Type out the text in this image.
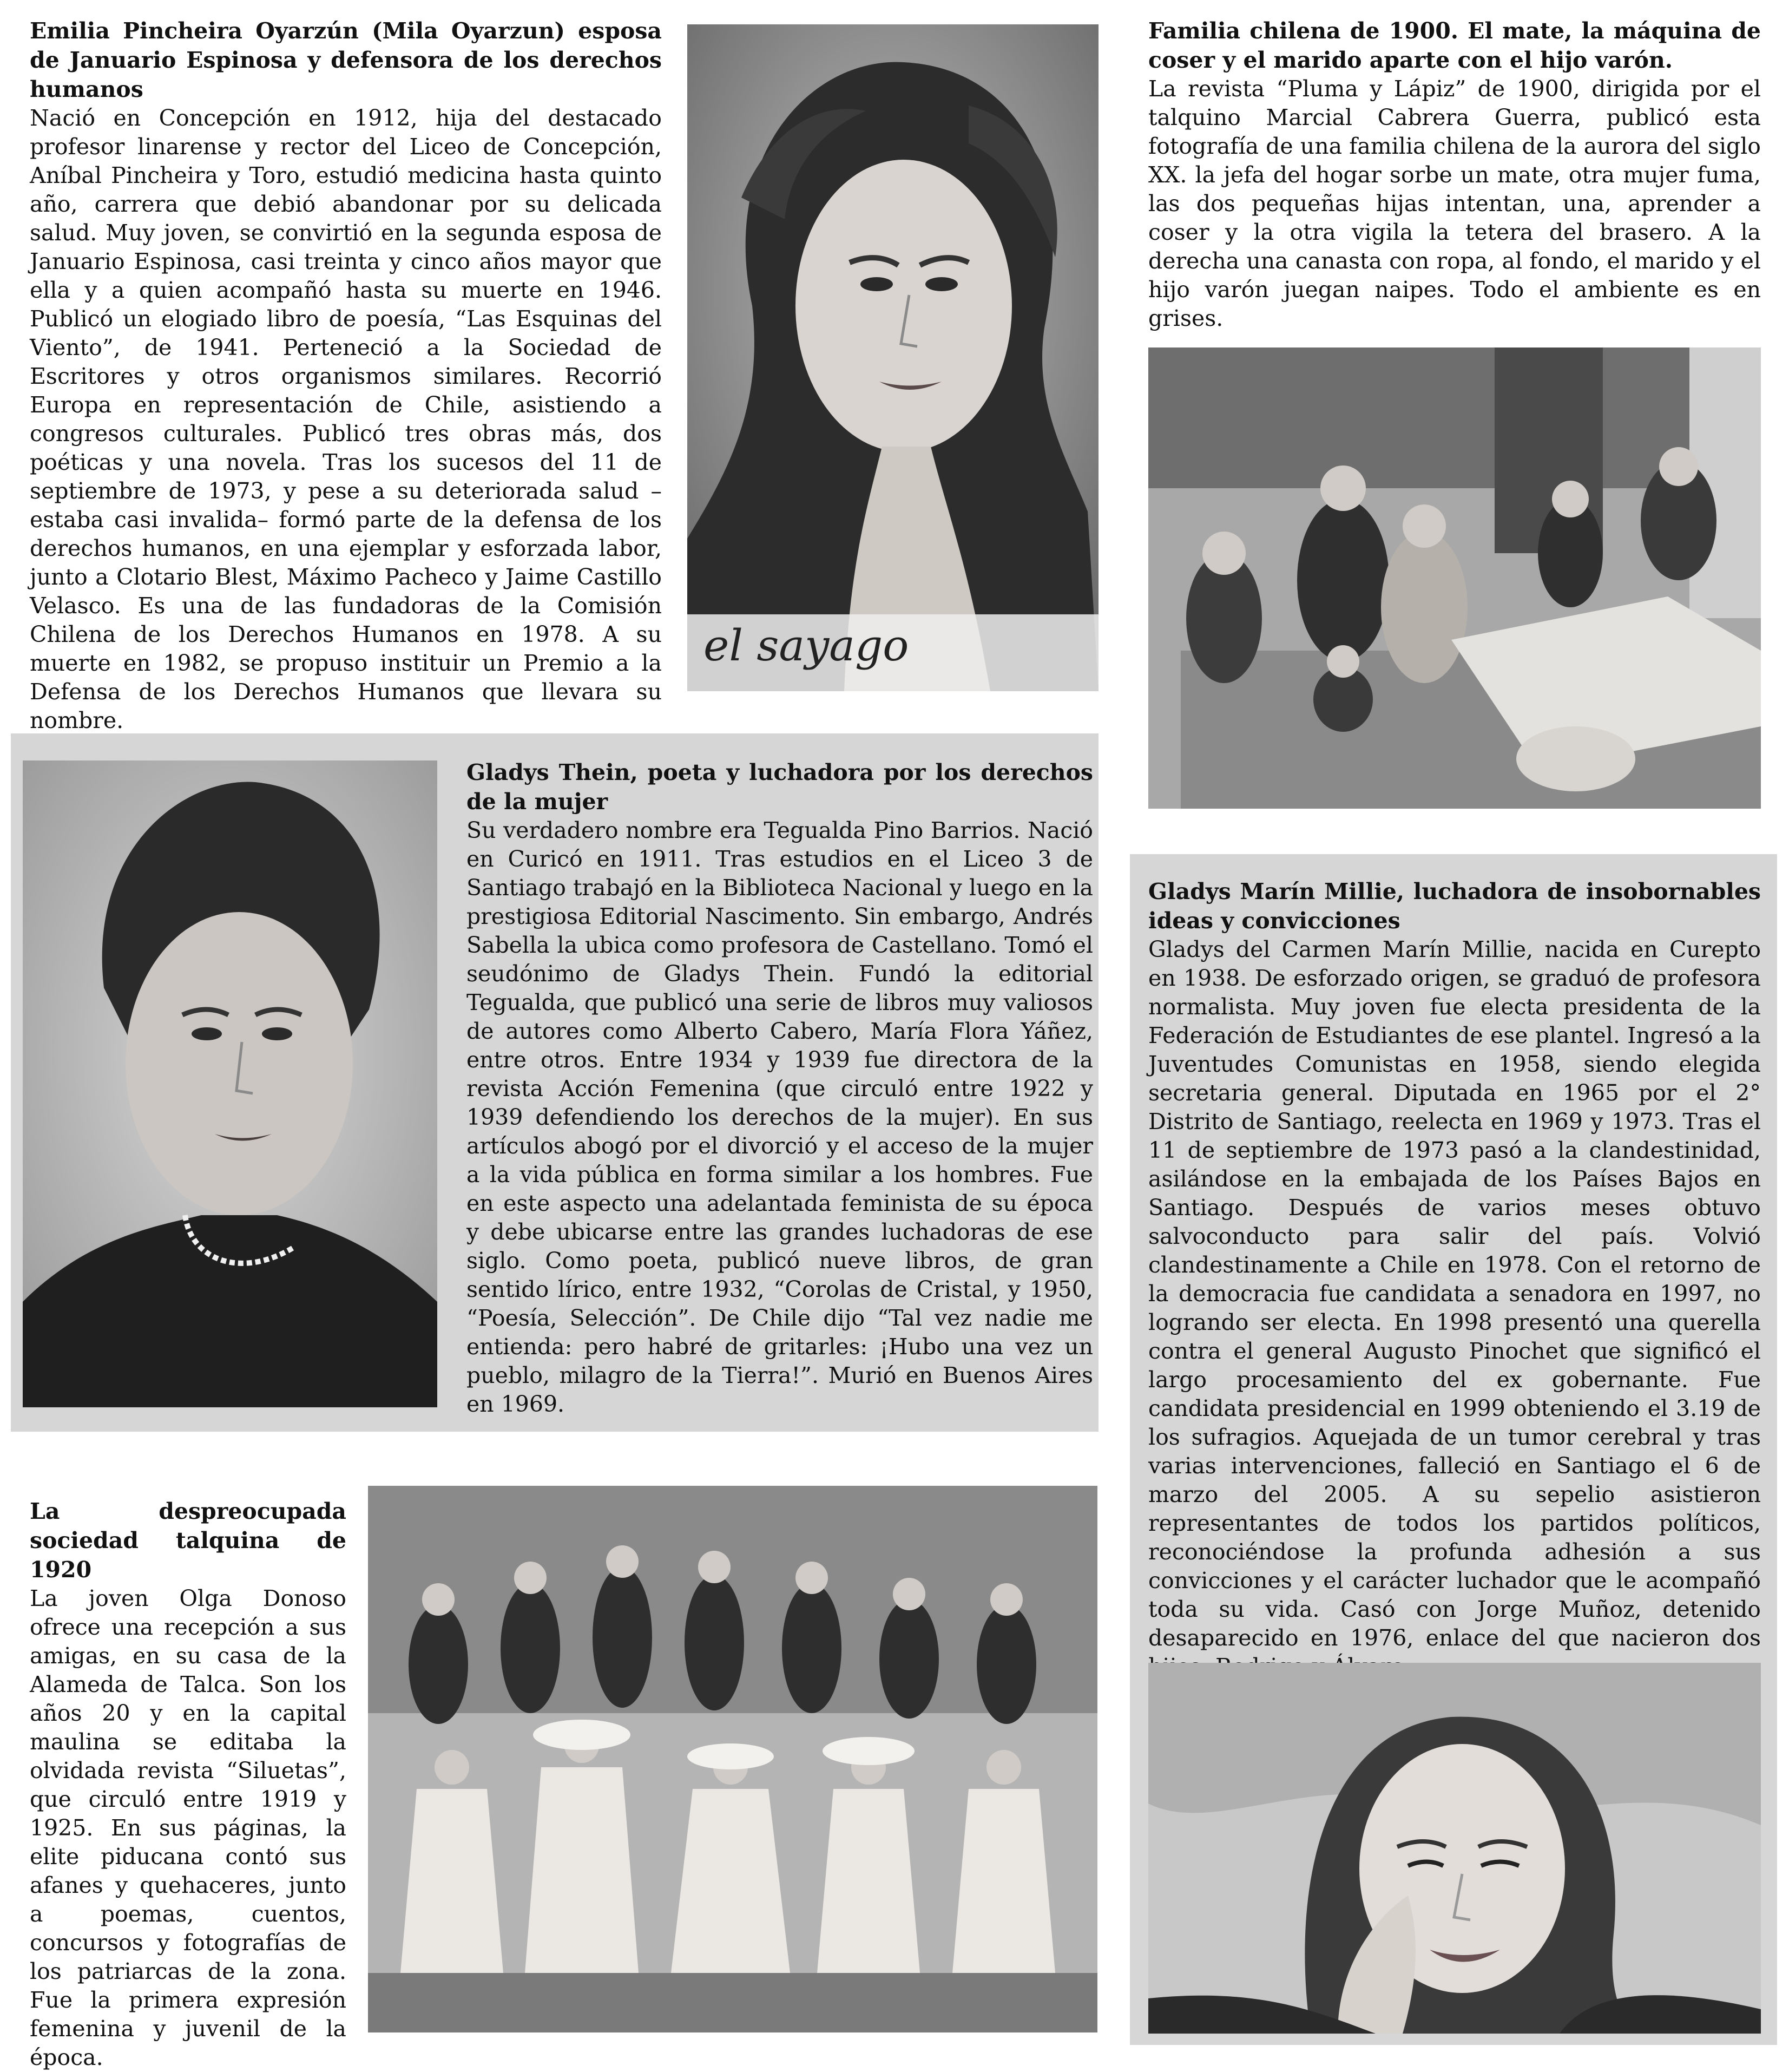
Emilia Pincheira Oyarzún (Mila Oyarzun) esposa de Januario Espinosa y defensora de los derechos humanos

Nació en Concepción en 1912, hija del destacado profesor linarense y rector del Liceo de Concepción, Aníbal Pincheira y Toro, estudió medicina hasta quinto año, carrera que debió abandonar por su delicada salud. Muy joven, se convirtió en la segunda esposa de Januario Espinosa, casi treinta y cinco años mayor que ella y a quien acompañó hasta su muerte en 1946. Publicó un elogiado libro de poesía, “Las Esquinas del Viento”, de 1941. Perteneció a la Sociedad de Escritores y otros organismos similares. Recorrió Europa en representación de Chile, asistiendo a congresos culturales. Publicó tres obras más, dos poéticas y una novela. Tras los sucesos del 11 de septiembre de 1973, y pese a su deteriorada salud –estaba casi invalida– formó parte de la defensa de los derechos humanos, en una ejemplar y esforzada labor, junto a Clotario Blest, Máximo Pacheco y Jaime Castillo Velasco. Es una de las fundadoras de la Comisión Chilena de los Derechos Humanos en 1978. A su muerte en 1982, se propuso instituir un Premio a la Defensa de los Derechos Humanos que llevara su nombre.

el sayago

Familia chilena de 1900. El mate, la máquina de coser y el marido aparte con el hijo varón.

La revista “Pluma y Lápiz” de 1900, dirigida por el talquino Marcial Cabrera Guerra, publicó esta fotografía de una familia chilena de la aurora del siglo XX. la jefa del hogar sorbe un mate, otra mujer fuma, las dos pequeñas hijas intentan, una, aprender a coser y la otra vigila la tetera del brasero. A la derecha una canasta con ropa, al fondo, el marido y el hijo varón juegan naipes. Todo el ambiente es en grises.

Gladys Thein, poeta y luchadora por los derechos de la mujer

Su verdadero nombre era Tegualda Pino Barrios. Nació en Curicó en 1911. Tras estudios en el Liceo 3 de Santiago trabajó en la Biblioteca Nacional y luego en la prestigiosa Editorial Nascimento. Sin embargo, Andrés Sabella la ubica como profesora de Castellano. Tomó el seudónimo de Gladys Thein. Fundó la editorial Tegualda, que publicó una serie de libros muy valiosos de autores como Alberto Cabero, María Flora Yáñez, entre otros. Entre 1934 y 1939 fue directora de la revista Acción Femenina (que circuló entre 1922 y 1939 defendiendo los derechos de la mujer). En sus artículos abogó por el divorció y el acceso de la mujer a la vida pública en forma similar a los hombres. Fue en este aspecto una adelantada feminista de su época y debe ubicarse entre las grandes luchadoras de ese siglo. Como poeta, publicó nueve libros, de gran sentido lírico, entre 1932, “Corolas de Cristal, y 1950, “Poesía, Selección”. De Chile dijo “Tal vez nadie me entienda: pero habré de gritarles: ¡Hubo una vez un pueblo, milagro de la Tierra!”. Murió en Buenos Aires en 1969.

Gladys Marín Millie, luchadora de insobornables ideas y convicciones

Gladys del Carmen Marín Millie, nacida en Curepto en 1938. De esforzado origen, se graduó de profesora normalista. Muy joven fue electa presidenta de la Federación de Estudiantes de ese plantel. Ingresó a la Juventudes Comunistas en 1958, siendo elegida secretaria general. Diputada en 1965 por el 2° Distrito de Santiago, reelecta en 1969 y 1973. Tras el 11 de septiembre de 1973 pasó a la clandestinidad, asilándose en la embajada de los Países Bajos en Santiago. Después de varios meses obtuvo salvoconducto para salir del país. Volvió clandestinamente a Chile en 1978. Con el retorno de la democracia fue candidata a senadora en 1997, no logrando ser electa. En 1998 presentó una querella contra el general Augusto Pinochet que significó el largo procesamiento del ex gobernante. Fue candidata presidencial en 1999 obteniendo el 3.19 de los sufragios. Aquejada de un tumor cerebral y tras varias intervenciones, falleció en Santiago el 6 de marzo del 2005. A su sepelio asistieron representantes de todos los partidos políticos, reconociéndose la profunda adhesión a sus convicciones y el carácter luchador que le acompañó toda su vida. Casó con Jorge Muñoz, detenido desaparecido en 1976, enlace del que nacieron dos

La despreocupada sociedad talquina de 1920

La joven Olga Donoso ofrece una recepción a sus amigas, en su casa de la Alameda de Talca. Son los años 20 y en la capital maulina se editaba la olvidada revista “Siluetas”, que circuló entre 1919 y 1925. En sus páginas, la elite piducana contó sus afanes y quehaceres, junto a poemas, cuentos, concursos y fotografías de los patriarcas de la zona. Fue la primera expresión femenina y juvenil de la época.
